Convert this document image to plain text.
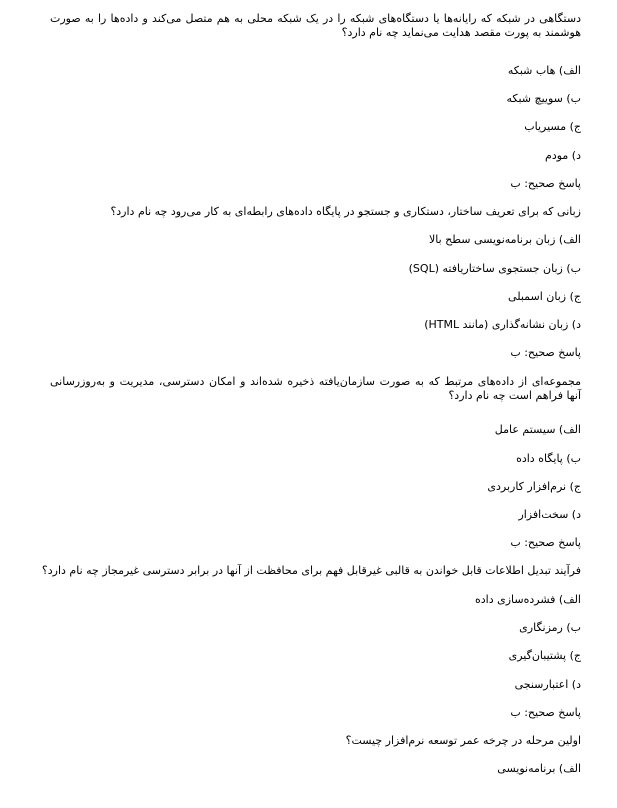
دستگاهی در شبکه که رایانه‌ها یا دستگاه‌های شبکه را در یک شبکه محلی به هم متصل می‌کند و داده‌ها را به صورت هوشمند به پورت مقصد هدایت می‌نماید چه نام دارد؟
الف) هاب شبکه
ب) سوییچ شبکه
ج) مسیریاب
د) مودم
پاسخ صحیح: ب
زبانی که برای تعریف ساختار، دستکاری و جستجو در پایگاه داده‌های رابطه‌ای به کار می‌رود چه نام دارد؟
الف) زبان برنامه‌نویسی سطح بالا
ب) زبان جستجوی ساختاریافته (SQL)
ج) زبان اسمبلی
د) زبان نشانه‌گذاری (مانند HTML)
پاسخ صحیح: ب
مجموعه‌ای از داده‌های مرتبط که به صورت سازمان‌یافته ذخیره شده‌اند و امکان دسترسی، مدیریت و به‌روزرسانی آنها فراهم است چه نام دارد؟
الف) سیستم عامل
ب) پایگاه داده
ج) نرم‌افزار کاربردی
د) سخت‌افزار
پاسخ صحیح: ب
فرآیند تبدیل اطلاعات قابل خواندن به قالبی غیرقابل فهم برای محافظت از آنها در برابر دسترسی غیرمجاز چه نام دارد؟
الف) فشرده‌سازی داده
ب) رمزنگاری
ج) پشتیبان‌گیری
د) اعتبارسنجی
پاسخ صحیح: ب
اولین مرحله در چرخه عمر توسعه نرم‌افزار چیست؟
الف) برنامه‌نویسی
